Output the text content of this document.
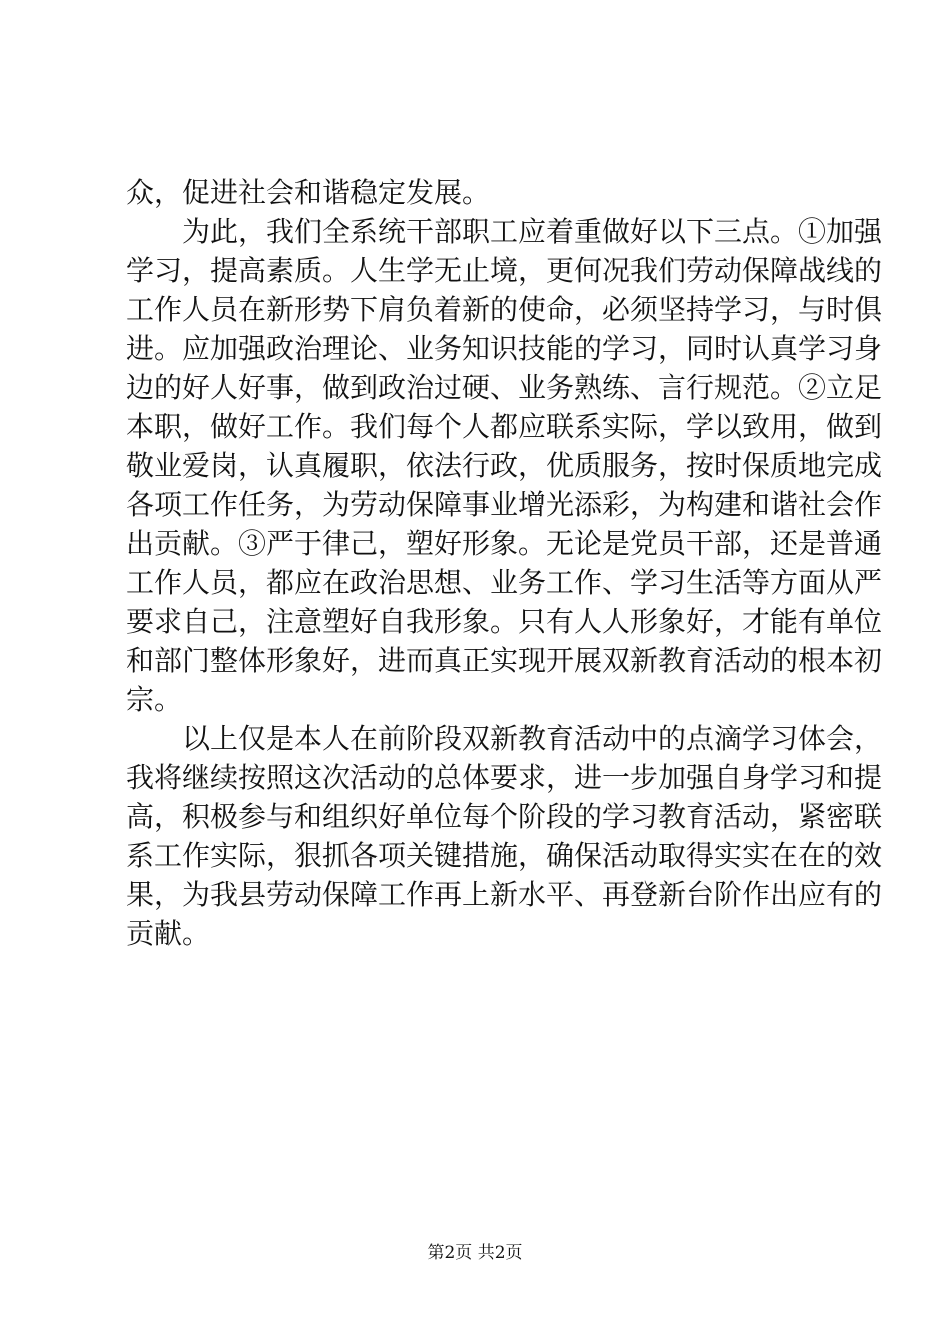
众，促进社会和谐稳定发展。
为此，我们全系统干部职工应着重做好以下三点。①加强
学习，提高素质。人生学无止境，更何况我们劳动保障战线的
工作人员在新形势下肩负着新的使命，必须坚持学习，与时俱
进。应加强政治理论、业务知识技能的学习，同时认真学习身
边的好人好事，做到政治过硬、业务熟练、言行规范。②立足
本职，做好工作。我们每个人都应联系实际，学以致用，做到
敬业爱岗，认真履职，依法行政，优质服务，按时保质地完成
各项工作任务，为劳动保障事业增光添彩，为构建和谐社会作
出贡献。③严于律己，塑好形象。无论是党员干部，还是普通
工作人员，都应在政治思想、业务工作、学习生活等方面从严
要求自己，注意塑好自我形象。只有人人形象好，才能有单位
和部门整体形象好，进而真正实现开展双新教育活动的根本初
宗。
以上仅是本人在前阶段双新教育活动中的点滴学习体会，
我将继续按照这次活动的总体要求，进一步加强自身学习和提
高，积极参与和组织好单位每个阶段的学习教育活动，紧密联
系工作实际，狠抓各项关键措施，确保活动取得实实在在的效
果，为我县劳动保障工作再上新水平、再登新台阶作出应有的
贡献。
第2页 共2页
